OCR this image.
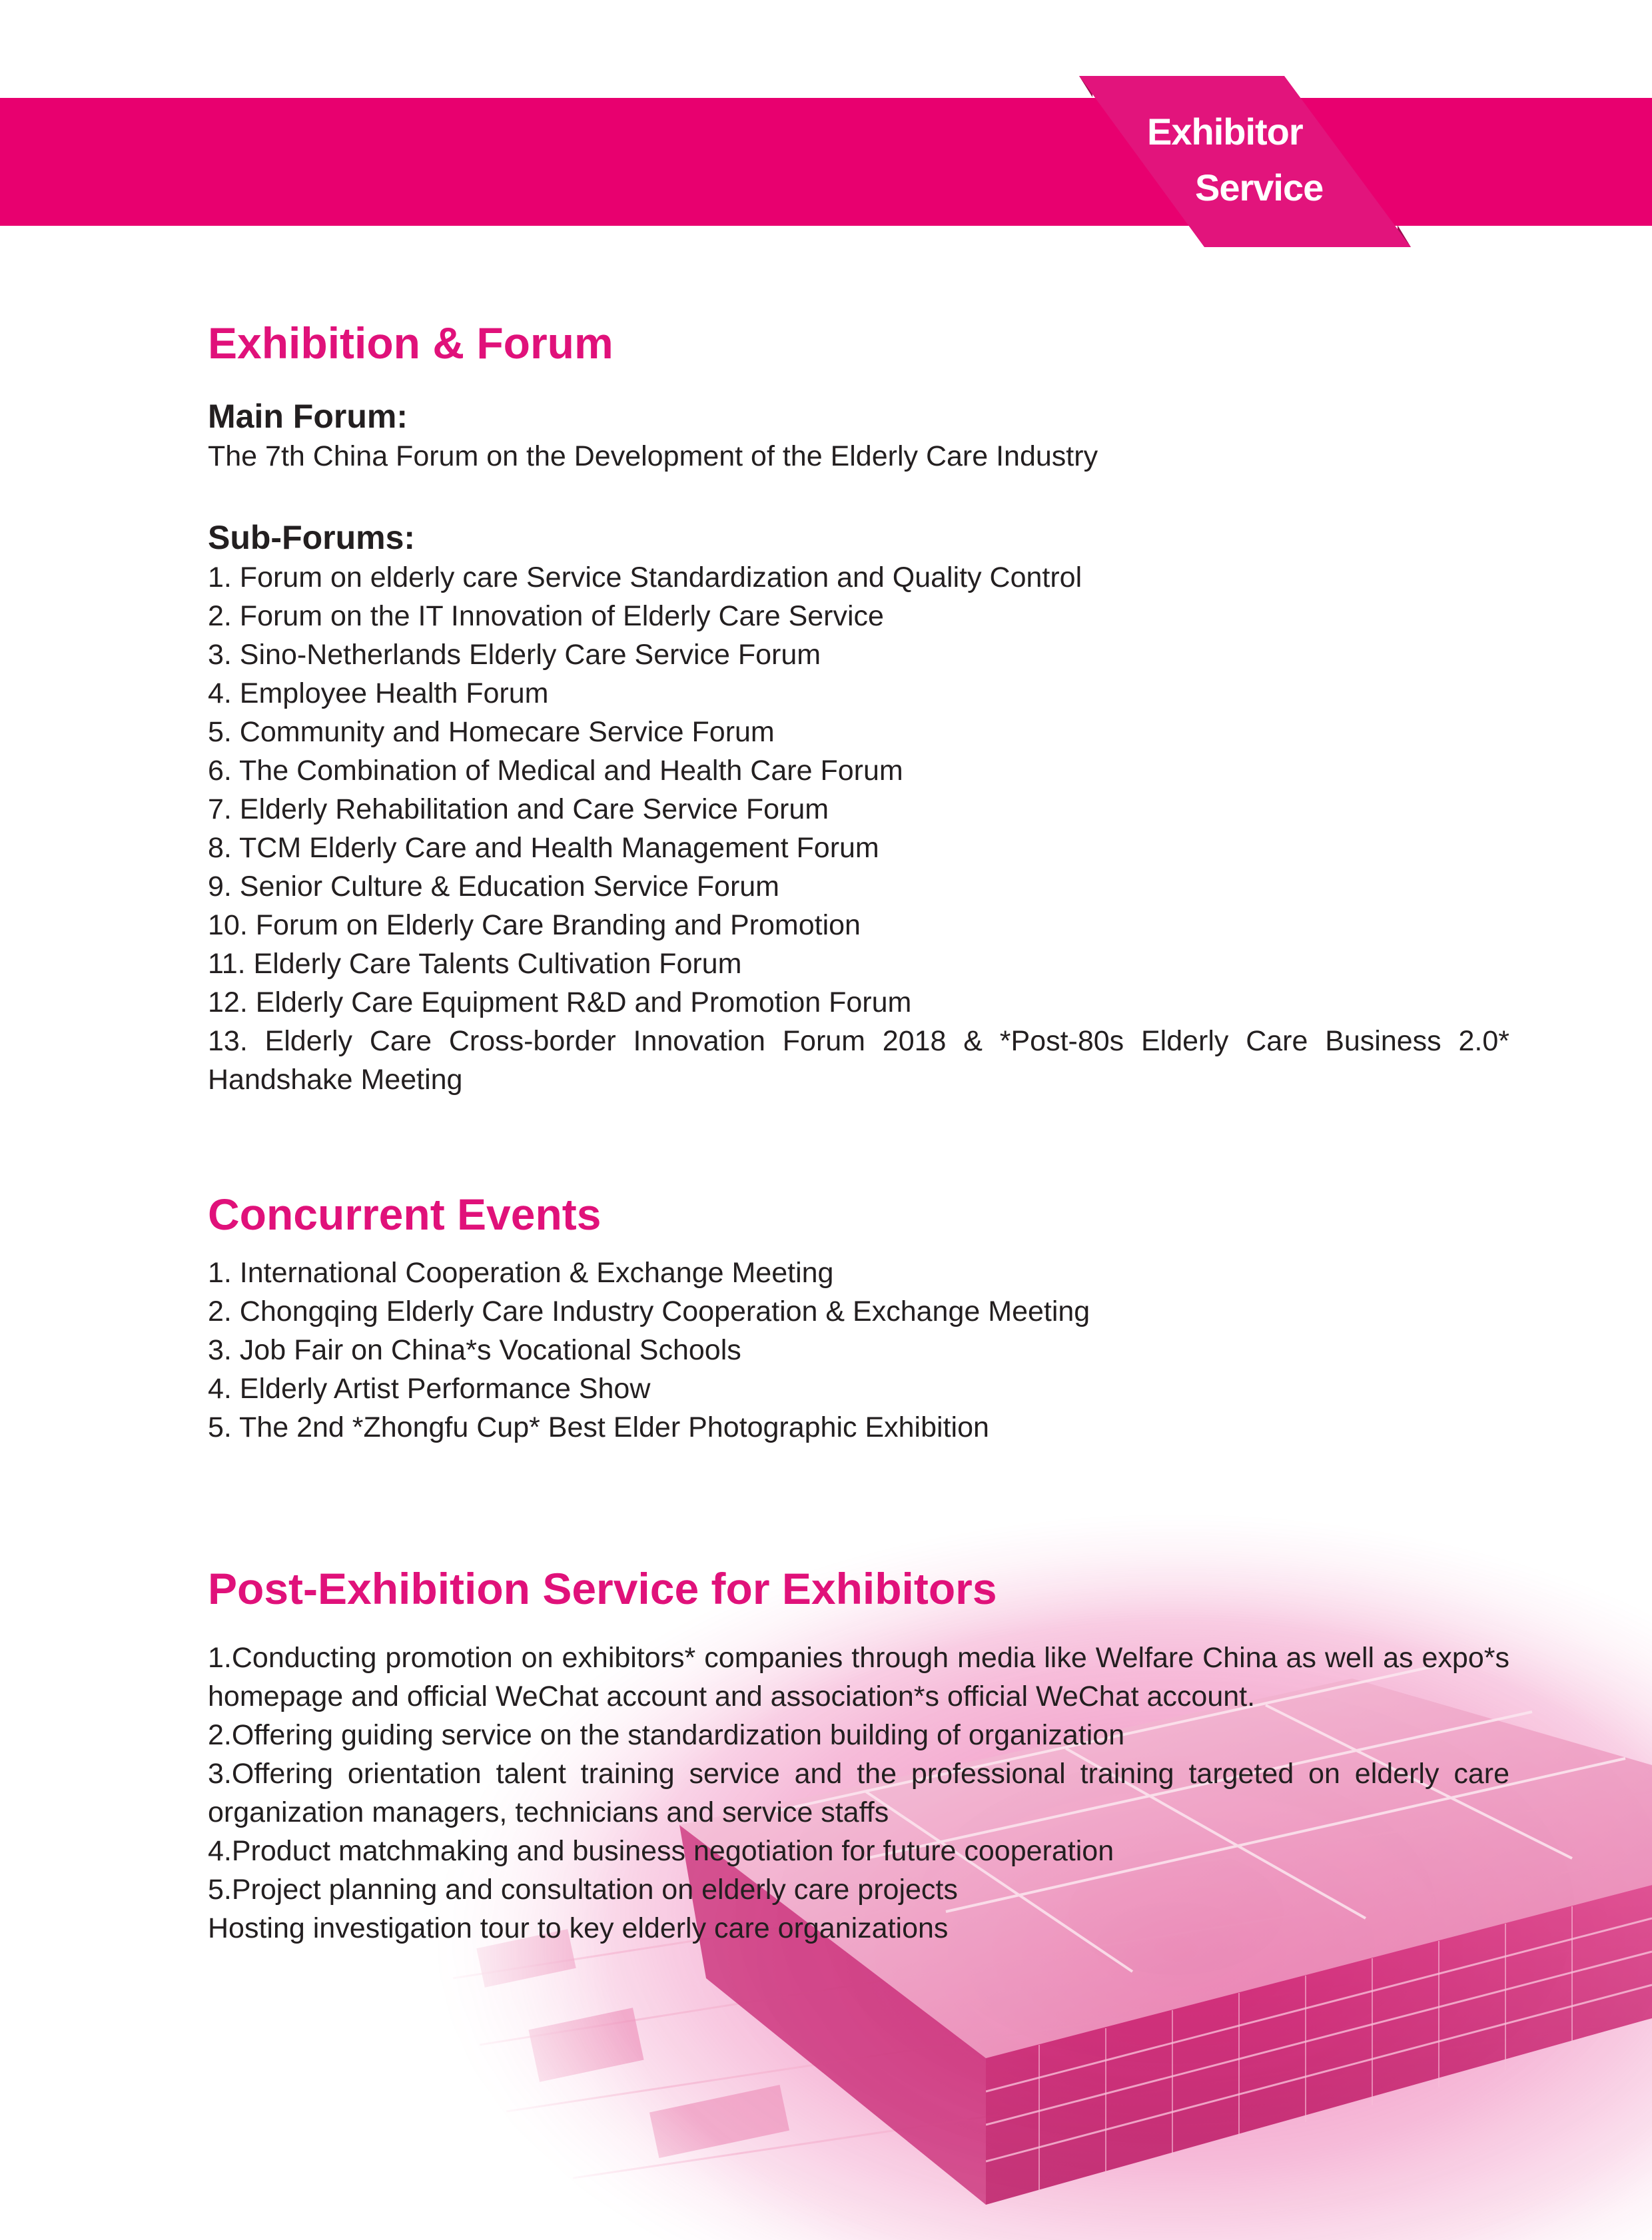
Exhibitor
Service
Exhibition & Forum
Main Forum:
The 7th China Forum on the Development of the Elderly Care Industry
Sub-Forums:
1. Forum on elderly care Service Standardization and Quality Control
2. Forum on the IT Innovation of Elderly Care Service
3. Sino-Netherlands Elderly Care Service Forum
4. Employee Health Forum
5. Community and Homecare Service Forum
6. The Combination of Medical and Health Care Forum
7. Elderly Rehabilitation and Care Service Forum
8. TCM Elderly Care and Health Management Forum
9. Senior Culture & Education Service Forum
10. Forum on Elderly Care Branding and Promotion
11. Elderly Care Talents Cultivation Forum
12. Elderly Care Equipment R&D and Promotion Forum
13. Elderly Care Cross-border Innovation Forum 2018 & *Post-80s Elderly Care Business 2.0* Handshake Meeting
Concurrent Events
1. International Cooperation & Exchange Meeting
2. Chongqing Elderly Care Industry Cooperation & Exchange Meeting
3. Job Fair on China*s Vocational Schools
4. Elderly Artist Performance Show
5. The 2nd *Zhongfu Cup* Best Elder Photographic Exhibition
Post-Exhibition Service for Exhibitors
1.Conducting promotion on exhibitors* companies through media like Welfare China as well as expo*s homepage and official WeChat account and association*s official WeChat account.
2.Offering guiding service on the standardization building of organization
3.Offering orientation talent training service and the professional training targeted on elderly care organization managers, technicians and service staffs
4.Product matchmaking and business negotiation for future cooperation
5.Project planning and consultation on elderly care projects
Hosting investigation tour to key elderly care organizations
